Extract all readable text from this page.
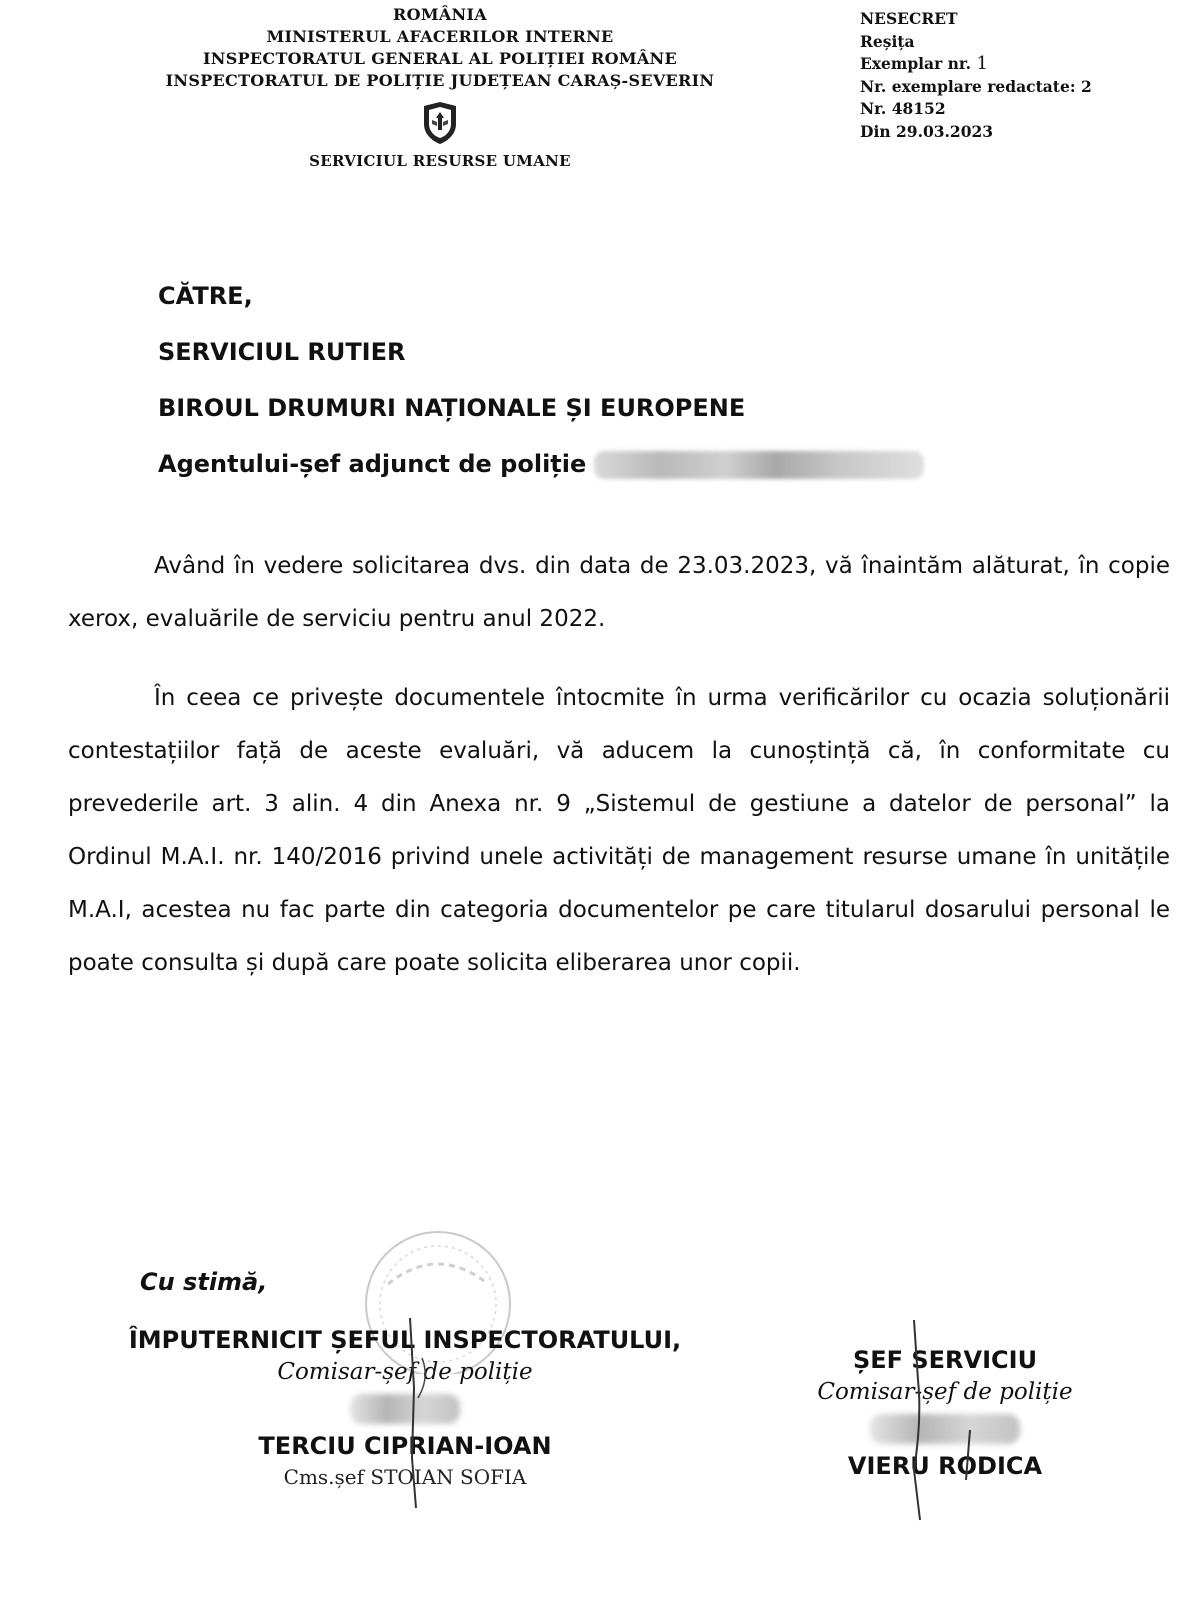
ROMÂNIA
MINISTERUL AFACERILOR INTERNE
INSPECTORATUL GENERAL AL POLIȚIEI ROMÂNE
INSPECTORATUL DE POLIȚIE JUDEȚEAN CARAȘ-SEVERIN
SERVICIUL RESURSE UMANE
NESECRET
Reșița
Exemplar nr. 1
Nr. exemplare redactate: 2
Nr. 48152
Din 29.03.2023
CĂTRE,
SERVICIUL RUTIER
BIROUL DRUMURI NAȚIONALE ȘI EUROPENE
Agentului-șef adjunct de poliție
Având în vedere solicitarea dvs. din data de 23.03.2023, vă înaintăm alăturat, în copie xerox, evaluările de serviciu pentru anul 2022.
În ceea ce privește documentele întocmite în urma verificărilor cu ocazia soluționării contestațiilor față de aceste evaluări, vă aducem la cunoștință că, în conformitate cu prevederile art. 3 alin. 4 din Anexa nr. 9 „Sistemul de gestiune a datelor de personal” la Ordinul M.A.I. nr. 140/2016 privind unele activități de management resurse umane în unitățile M.A.I, acestea nu fac parte din categoria documentelor pe care titularul dosarului personal le poate consulta și după care poate solicita eliberarea unor copii.
Cu stimă,
ÎMPUTERNICIT ȘEFUL INSPECTORATULUI,
Comisar-șef de poliție
TERCIU CIPRIAN-IOAN
Cms.șef STOIAN SOFIA
ȘEF SERVICIU
Comisar-șef de poliție
VIERU RODICA
